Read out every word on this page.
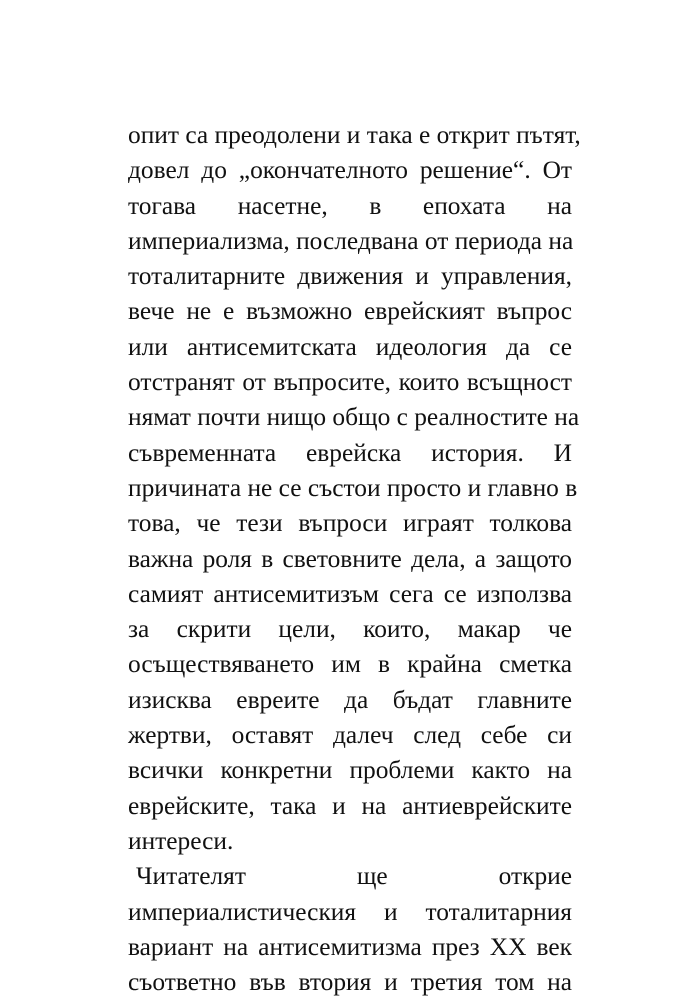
опит са преодолени и така е открит пътят,
довел до „окончателното решение“. От
тогава насетне, в епохата на
империализма, последвана от периода на
тоталитарните движения и управления,
вече не е възможно еврейският въпрос
или антисемитската идеология да се
отстранят от въпросите, които всъщност
нямат почти нищо общо с реалностите на
съвременната еврейска история. И
причината не се състои просто и главно в
това, че тези въпроси играят толкова
важна роля в световните дела, а защото
самият антисемитизъм сега се използва
за скрити цели, които, макар че
осъществяването им в крайна сметка
изисква евреите да бъдат главните
жертви, оставят далеч след себе си
всички конкретни проблеми както на
еврейските, така и на антиеврейските
интереси.
Читателят ще открие
империалистическия и тоталитарния
вариант на антисемитизма през XX век
съответно във втория и третия том на
